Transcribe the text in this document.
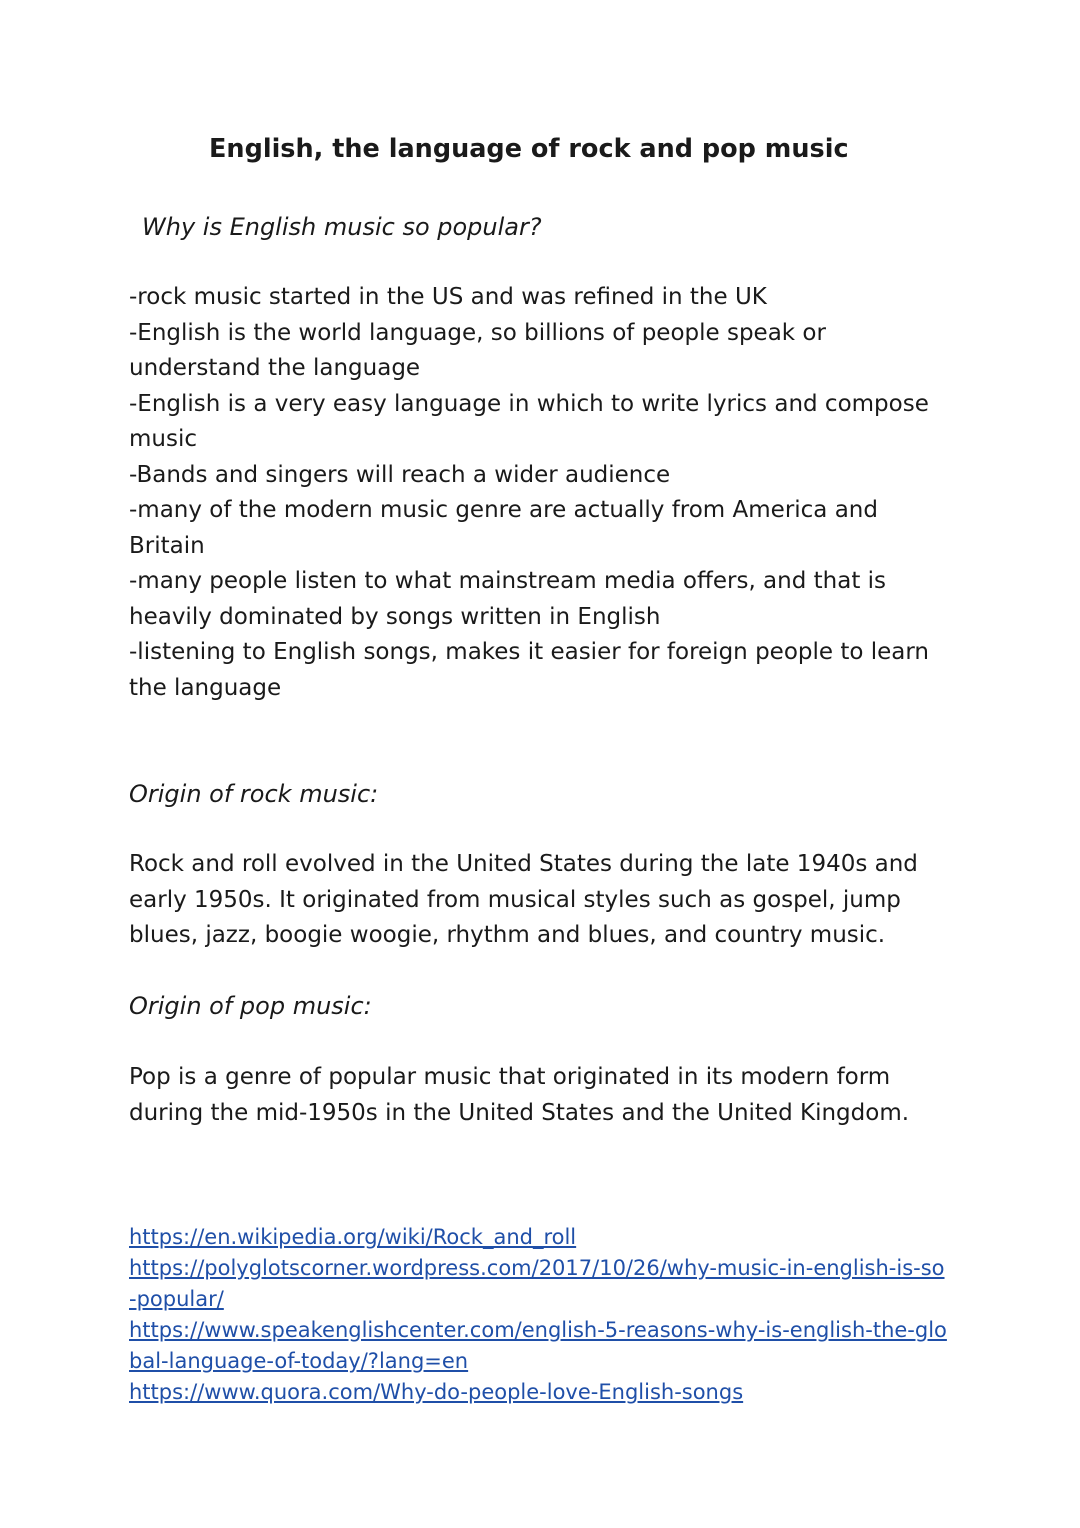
English, the language of rock and pop music

Why is English music so popular?

-rock music started in the US and was refined in the UK
-English is the world language, so billions of people speak or understand the language
-English is a very easy language in which to write lyrics and compose music
-Bands and singers will reach a wider audience
-many of the modern music genre are actually from America and Britain
-many people listen to what mainstream media offers, and that is heavily dominated by songs written in English
-listening to English songs, makes it easier for foreign people to learn the language
Origin of rock music:

Rock and roll evolved in the United States during the late 1940s and early 1950s. It originated from musical styles such as gospel, jump blues, jazz, boogie woogie, rhythm and blues, and country music.

Origin of pop music:

Pop is a genre of popular music that originated in its modern form during the mid-1950s in the United States and the United Kingdom.

https://en.wikipedia.org/wiki/Rock_and_roll
https://polyglotscorner.wordpress.com/2017/10/26/why-music-in-english-is-so-popular/
https://www.speakenglishcenter.com/english-5-reasons-why-is-english-the-global-language-of-today/?lang=en
https://www.quora.com/Why-do-people-love-English-songs
